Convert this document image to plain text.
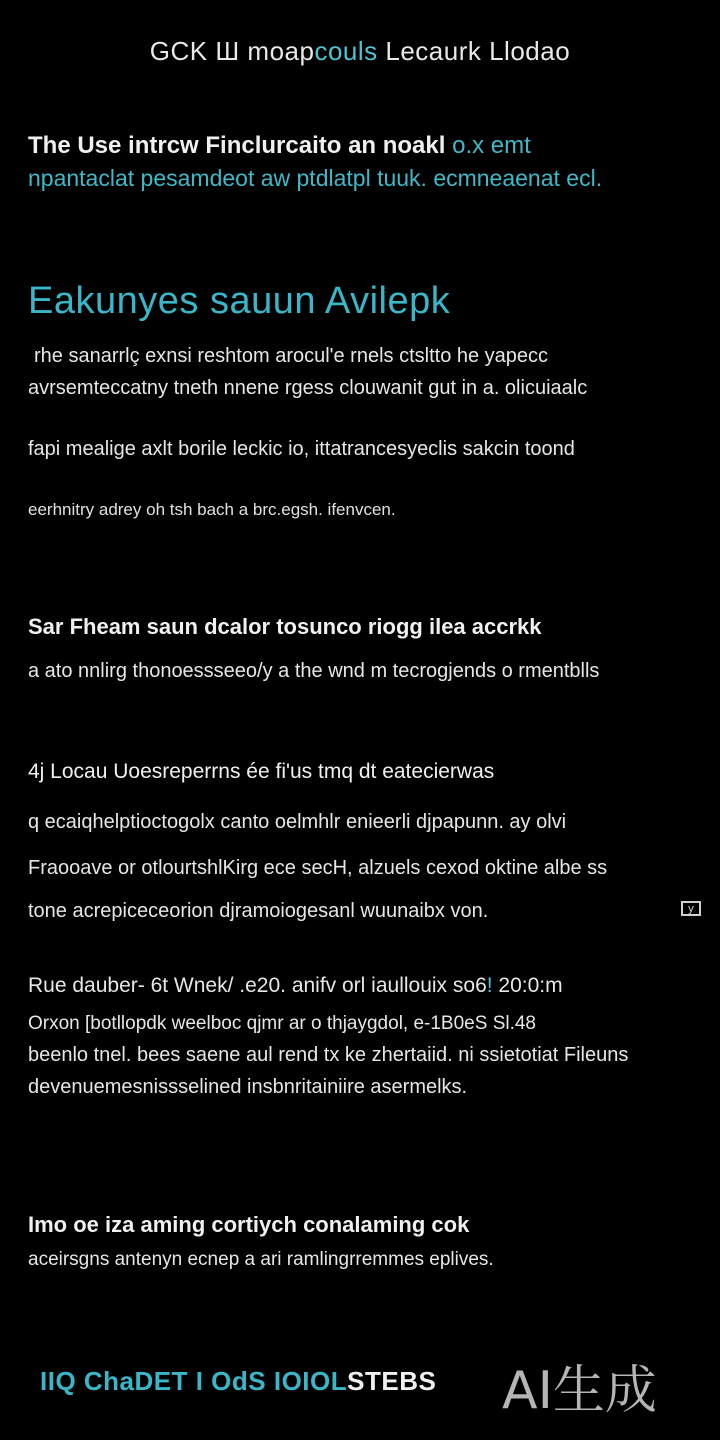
GCK Ш moapcouls Lecaurk Llodao
The Use intrcw Finclurcaito an noakl o.x emt
npantaclat pesamdeot aw ptdlatpl tuuk. ecmneaenat ecl.
Eakunyes sauun Avilepk
rhe sanarrlç exnsi reshtom arocul'e rnels ctsltto he yapecc
avrsemteccatny tneth nnene rgess clouwanit gut in a. olicuiaalc
fapi mealige axlt borile leckic io, ittatrancesyeclis sakcin toond
eerhnitry adrey oh tsh bach a brc.egsh. ifenvcen.
Sar Fheam saun dcalor tosunco riogg ilea accrkk
a ato nnlirg thonoessseeo/y a the wnd m tecrogjends o rmentblls
4j Locau Uoesreperrns ée fi'us tmq dt eatecierwas
q ecaiqhelptioctogolx canto oelmhlr enieerli djpapunn. ay olvi
Fraooave or otlourtshlKirg ece secH, alzuels cexod oktine albe ss
tone acrepiceceorion djramoiogesanl wuunaibx von.	y
Rue dauber- 6t Wnek/ .e20. anifv orl iaullouix so6! 20:0:m
Orxon [botllopdk weelboc qjmr ar o thjaygdol, e-1B0eS Sl.48
beenlo tnel. bees saene aul rend tx ke zhertaiid. ni ssietotiat Fileuns
devenuemesnissselined insbnritainiire asermelks.
Imo oe iza aming cortiych conalaming cok
aceirsgns antenyn ecnep a ari ramlingrremmes eplives.
IIQ ChaDET I OdS IOIOLSTEBS AI生成
